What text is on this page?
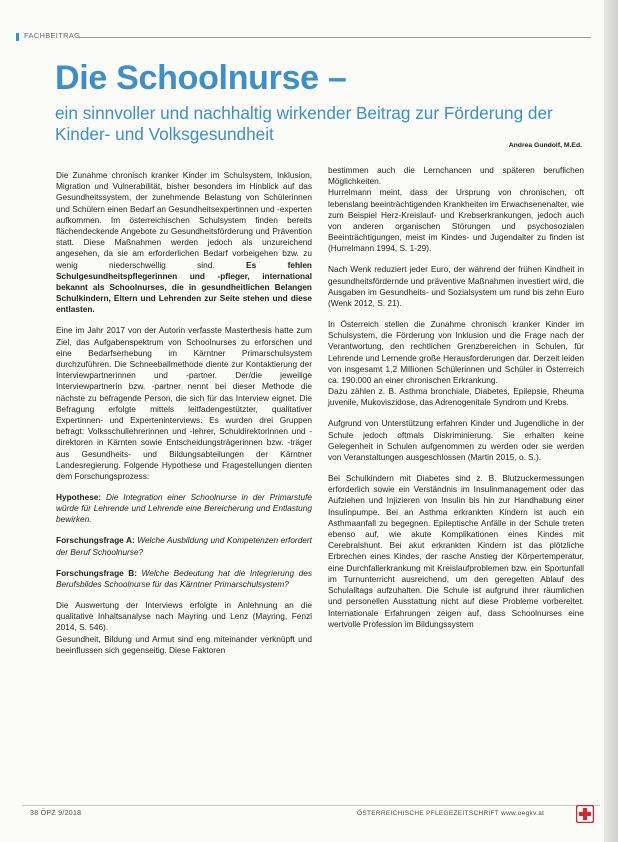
FACHBEITRAG
Die Schoolnurse –
ein sinnvoller und nachhaltig wirkender Beitrag zur Förderung der Kinder- und Volksgesundheit
Andrea Gundolf, M.Ed.

Die Zunahme chronisch kranker Kinder im Schulsystem, Inklusion, Migration und Vulnerabilität, bisher besonders im Hinblick auf das Gesundheitssystem, der zunehmende Belastung von Schülerinnen und Schülern einen Bedarf an Gesundheitsexpertinnen und -experten aufkommen. Im österreichischen Schulsystem finden bereits flächendeckende Angebote zu Gesundheitsförderung und Prävention statt. Diese Maßnahmen werden jedoch als unzureichend angesehen, da sie am erforderlichen Bedarf vorbeigehen bzw. zu wenig niederschwellig sind.	Es fehlen Schulgesundheitspflegerinnen und -pfleger, international bekannt als Schoolnurses, die in gesundheitlichen Belangen Schulkindern, Eltern und Lehrenden zur Seite stehen und diese entlasten.

Eine im Jahr 2017 von der Autorin verfasste Masterthesis hatte zum Ziel, das Aufgabenspektrum von Schoolnurses zu erforschen und eine Bedarfserhebung im Kärntner Primarschulsystem durchzuführen. Die Schneeballmethode diente zur Kontaktierung der Interviewpartnerinnen und -partner. Der/die jeweilige Interviewpartnerin bzw. -partner nennt bei dieser Methode die nächste zu befragende Person, die sich für das Interview eignet. Die Befragung erfolgte mittels leitfadengestützter, qualitativer Expertinnen- und Experteninterviews. Es wurden drei Gruppen befragt: Volksschullehrerinnen und -lehrer, Schuldirektorinnen und -direktoren in Kärnten sowie Entscheidungsträgerinnen bzw. -träger aus Gesundheits- und Bildungsabteilungen der Kärntner Landesregierung. Folgende Hypothese und Fragestellungen dienten dem Forschungsprozess:

Hypothese: Die Integration einer Schoolnurse in der Primarstufe würde für Lehrende und Lehrende eine Bereicherung und Entlastung bewirken.

Forschungsfrage A: Welche Ausbildung und Kompetenzen erfordert der Beruf Schoolnurse?

Forschungsfrage B: Welche Bedeutung hat die Integrierung des Berufsbildes Schoolnurse für das Kärntner Primarschulsystem?

Die Auswertung der Interviews erfolgte in Anlehnung an die qualitative Inhaltsanalyse nach Mayring und Lenz (Mayring, Fenzl 2014, S. 546).

Gesundheit, Bildung und Armut sind eng miteinander verknüpft und beeinflussen sich gegenseitig. Diese Faktoren

bestimmen auch die Lernchancen und späteren beruflichen Möglichkeiten.

Hurrelmann meint, dass der Ursprung von chronischen, oft lebenslang beeinträchtigenden Krankheiten im Erwachsenenalter, wie zum Beispiel Herz-Kreislauf- und Krebserkrankungen, jedoch auch von anderen organischen Störungen und psychosozialen Beeinträchtigungen, meist im Kindes- und Jugendalter zu finden ist (Hurrelmann 1994, S. 1-29).

Nach Wenk reduziert jeder Euro, der während der frühen Kindheit in gesundheitsfördernde und präventive Maßnahmen investiert wird, die Ausgaben im Gesundheits- und Sozialsystem um rund bis zehn Euro (Wenk 2012, S. 21).

In Österreich stellen die Zunahme chronisch kranker Kinder im Schulsystem, die Förderung von Inklusion und die Frage nach der Verantwortung, den rechtlichen Grenzbereichen in Schulen, für Lehrende und Lernende große Herausforderungen dar. Derzeit leiden von insgesamt 1,2 Millionen Schülerinnen und Schüler in Österreich ca. 190.000 an einer chronischen Erkrankung.

Dazu zählen z. B. Asthma bronchiale, Diabetes, Epilepsie, Rheuma juvenile, Mukoviszidose, das Adrenogenitale Syndrom und Krebs.

Aufgrund von Unterstützung erfahren Kinder und Jugendliche in der Schule jedoch oftmals Diskriminierung. Sie erhalten keine Gelegenheit in Schulen aufgenommen zu werden oder sie werden von Veranstaltungen ausgeschlossen (Martin 2015, o. S.).

Bei Schulkindern mit Diabetes sind z. B. Blutzuckermessungen erforderlich sowie ein Verständnis im Insulinmanagement oder das Aufziehen und Injizieren von Insulin bis hin zur Handhabung einer Insulinpumpe. Bei an Asthma erkrankten Kindern ist auch ein Asthmaanfall zu begegnen. Epileptische Anfälle in der Schule treten ebenso auf, wie akute Komplikationen eines Kindes mit Cerebralshunt. Bei akut erkrankten Kindern ist das plötzliche Erbrechen eines Kindes, der rasche Anstieg der Körpertemperatur, eine Durchfallerkrankung mit Kreislaufproblemen bzw. ein Sportunfall im Turnunterricht ausreichend, um den geregelten Ablauf des Schulalltags aufzuhalten. Die Schule ist aufgrund ihrer räumlichen und personellen Ausstattung nicht auf diese Probleme vorbereitet. Internationale Erfahrungen zeigen auf, dass Schoolnurses eine wertvolle Profession im Bildungssystem

38 ÖPZ 9/2018	ÖSTERREICHISCHE PFLEGEZEITSCHRIFT www.oegkv.at
